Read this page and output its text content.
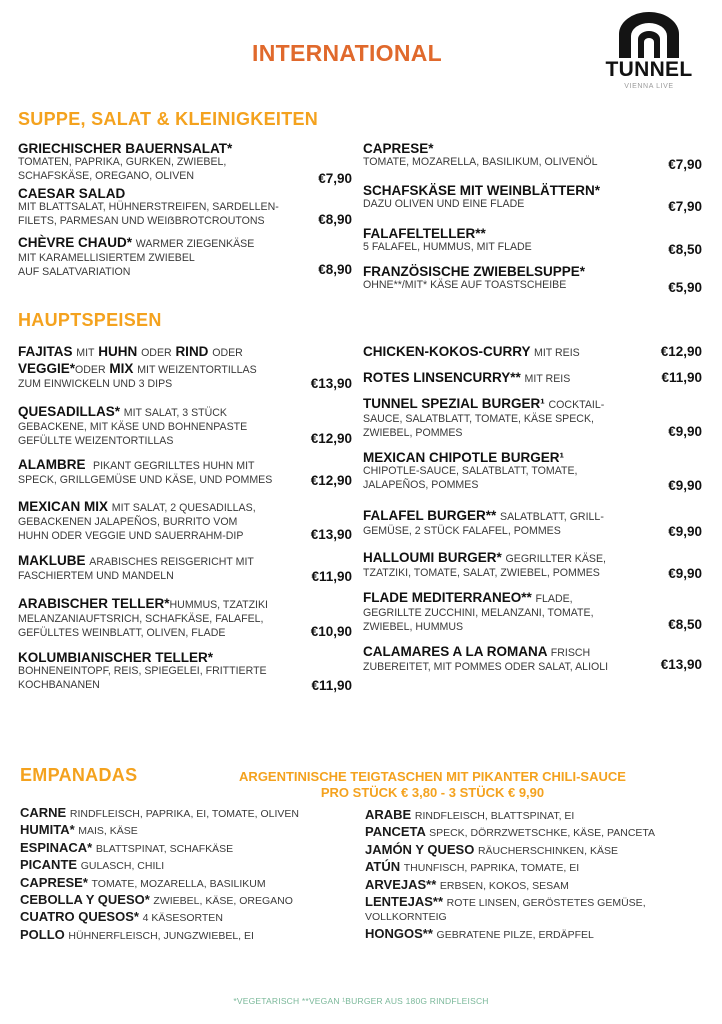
INTERNATIONAL
TUNNEL
VIENNA LIVE
SUPPE, SALAT & KLEINIGKEITEN
HAUPTSPEISEN
GRIECHISCHER BAUERNSALAT*
TOMATEN, PAPRIKA, GURKEN, ZWIEBEL,
SCHAFSKÄSE, OREGANO, OLIVEN	€7,90
CAESAR SALAD
MIT BLATTSALAT, HÜHNERSTREIFEN, SARDELLEN-
FILETS, PARMESAN UND WEIẞBROTCROUTONS	€8,90
CHÈVRE CHAUD* WARMER ZIEGENKÄSE
MIT KARAMELLISIERTEM ZWIEBEL
AUF SALATVARIATION	€8,90
CAPRESE*
TOMATE, MOZARELLA, BASILIKUM, OLIVENÖL	€7,90
SCHAFSKÄSE MIT WEINBLÄTTERN*
DAZU OLIVEN UND EINE FLADE	€7,90
FALAFELTELLER**
5 FALAFEL, HUMMUS, MIT FLADE	€8,50
FRANZÖSISCHE ZWIEBELSUPPE*
OHNE**/MIT* KÄSE AUF TOASTSCHEIBE	€5,90
FAJITAS MIT HUHN ODER RIND ODER
VEGGIE*ODER MIX MIT WEIZENTORTILLAS
ZUM EINWICKELN UND 3 DIPS	€13,90
QUESADILLAS* MIT SALAT, 3 STÜCK
GEBACKENE, MIT KÄSE UND BOHNENPASTE
GEFÜLLTE WEIZENTORTILLAS	€12,90
ALAMBRE PIKANT GEGRILLTES HUHN MIT
SPECK, GRILLGEMÜSE UND KÄSE, UND POMMES	€12,90
MEXICAN MIX MIT SALAT, 2 QUESADILLAS,
GEBACKENEN JALAPEÑOS, BURRITO VOM
HUHN ODER VEGGIE UND SAUERRAHM-DIP	€13,90
MAKLUBE ARABISCHES REISGERICHT MIT
FASCHIERTEM UND MANDELN	€11,90
ARABISCHER TELLER*HUMMUS, TZATZIKI
MELANZANIAUFTSRICH, SCHAFKÄSE, FALAFEL,
GEFÜLLTES WEINBLATT, OLIVEN, FLADE	€10,90
KOLUMBIANISCHER TELLER*
BOHNENEINTOPF, REIS, SPIEGELEI, FRITTIERTE
KOCHBANANEN	€11,90
CHICKEN-KOKOS-CURRY MIT REIS	€12,90
ROTES LINSENCURRY** MIT REIS	€11,90
TUNNEL SPEZIAL BURGER¹ COCKTAIL-
SAUCE, SALATBLATT, TOMATE, KÄSE SPECK,
ZWIEBEL, POMMES	€9,90
MEXICAN CHIPOTLE BURGER¹
CHIPOTLE-SAUCE, SALATBLATT, TOMATE,
JALAPEÑOS, POMMES	€9,90
FALAFEL BURGER** SALATBLATT, GRILL-
GEMÜSE, 2 STÜCK FALAFEL, POMMES	€9,90
HALLOUMI BURGER* GEGRILLTER KÄSE,
TZATZIKI, TOMATE, SALAT, ZWIEBEL, POMMES	€9,90
FLADE MEDITERRANEO** FLADE,
GEGRILLTE ZUCCHINI, MELANZANI, TOMATE,
ZWIEBEL, HUMMUS	€8,50
CALAMARES A LA ROMANA FRISCH
ZUBEREITET, MIT POMMES ODER SALAT, ALIOLI	€13,90
EMPANADAS	ARGENTINISCHE TEIGTASCHEN MIT PIKANTER CHILI-SAUCE
PRO STÜCK € 3,80 - 3 STÜCK € 9,90
CARNE RINDFLEISCH, PAPRIKA, EI, TOMATE, OLIVEN
HUMITA* MAIS, KÄSE
ESPINACA* BLATTSPINAT, SCHAFKÄSE
PICANTE GULASCH, CHILI
CAPRESE* TOMATE, MOZARELLA, BASILIKUM
CEBOLLA Y QUESO* ZWIEBEL, KÄSE, OREGANO
CUATRO QUESOS* 4 KÄSESORTEN
POLLO HÜHNERFLEISCH, JUNGZWIEBEL, EI
ARABE RINDFLEISCH, BLATTSPINAT, EI
PANCETA SPECK, DÖRRZWETSCHKE, KÄSE, PANCETA
JAMÓN Y QUESO RÄUCHERSCHINKEN, KÄSE
ATÚN THUNFISCH, PAPRIKA, TOMATE, EI
ARVEJAS** ERBSEN, KOKOS, SESAM
LENTEJAS** ROTE LINSEN, GERÖSTETES GEMÜSE,
VOLLKORNTEIG
HONGOS** GEBRATENE PILZE, ERDÄPFEL
*VEGETARISCH **VEGAN ¹BURGER AUS 180G RINDFLEISCH
